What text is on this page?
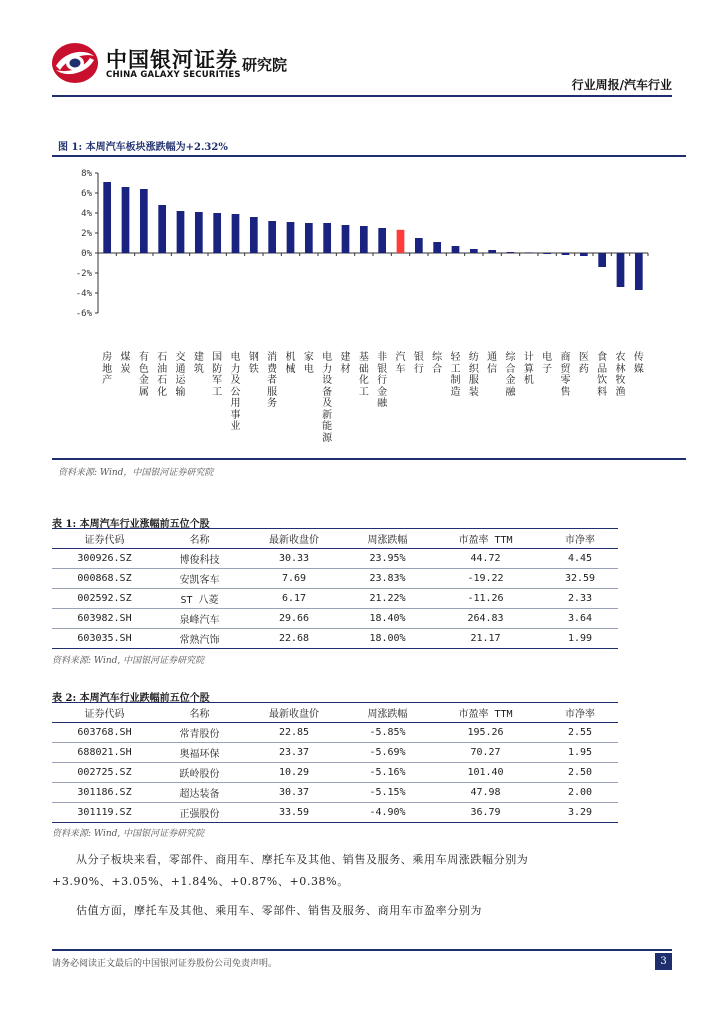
中国银河证券
CHINA GALAXY SECURITIES
研究院
行业周报/汽车行业
图 1: 本周汽车板块涨跌幅为+2.32%
8%
6%
4%
2%
0%
-2%
-4%
-6%
房地产
煤炭
有色金属
石油石化
交通运输
建筑
国防军工
电力及公用事业
钢铁
消费者服务
机械
家电
电力设备及新能源
建材
基础化工
非银行金融
汽车
银行
综合
轻工制造
纺织服装
通信
综合金融
计算机
电子
商贸零售
医药
食品饮料
农林牧渔
传媒
资料来源: Wind，中国银河证券研究院
表 1: 本周汽车行业涨幅前五位个股
证券代码	名称	最新收盘价	周涨跌幅	市盈率 TTM	市净率
300926.SZ	博俊科技	30.33	23.95%	44.72	4.45
000868.SZ	安凯客车	7.69	23.83%	-19.22	32.59
002592.SZ	ST 八菱	6.17	21.22%	-11.26	2.33
603982.SH	泉峰汽车	29.66	18.40%	264.83	3.64
603035.SH	常熟汽饰	22.68	18.00%	21.17	1.99
资料来源: Wind, 中国银河证券研究院
表 2: 本周汽车行业跌幅前五位个股
证券代码	名称	最新收盘价	周涨跌幅	市盈率 TTM	市净率
603768.SH	常青股份	22.85	-5.85%	195.26	2.55
688021.SH	奥福环保	23.37	-5.69%	70.27	1.95
002725.SZ	跃岭股份	10.29	-5.16%	101.40	2.50
301186.SZ	超达装备	30.37	-5.15%	47.98	2.00
301119.SZ	正强股份	33.59	-4.90%	36.79	3.29
资料来源: Wind, 中国银河证券研究院
从分子板块来看，零部件、商用车、摩托车及其他、销售及服务、乘用车周涨跌幅分别为
+3.90%、+3.05%、+1.84%、+0.87%、+0.38%。
估值方面，摩托车及其他、乘用车、零部件、销售及服务、商用车市盈率分别为
请务必阅读正文最后的中国银河证券股份公司免责声明。	3
